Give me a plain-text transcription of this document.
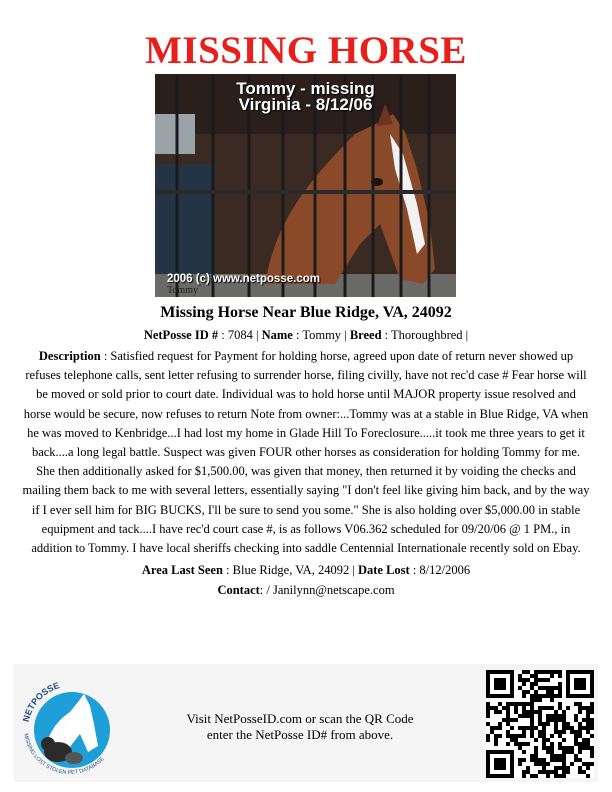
MISSING HORSE
Tommy - missing
Virginia - 8/12/06
2006 (c) www.netposse.com
Tommy
Missing Horse Near Blue Ridge, VA, 24092
NetPosse ID # : 7084 | Name : Tommy | Breed : Thoroughbred |
Description : Satisfied request for Payment for holding horse, agreed upon date of return never showed up refuses telephone calls, sent letter refusing to surrender horse, filing civilly, have not rec'd case # Fear horse will be moved or sold prior to court date. Individual was to hold horse until MAJOR property issue resolved and horse would be secure, now refuses to return Note from owner:...Tommy was at a stable in Blue Ridge, VA when he was moved to Kenbridge...I had lost my home in Glade Hill To Foreclosure.....it took me three years to get it back....a long legal battle. Suspect was given FOUR other horses as consideration for holding Tommy for me. She then additionally asked for $1,500.00, was given that money, then returned it by voiding the checks and mailing them back to me with several letters, essentially saying "I don't feel like giving him back, and by the way if I ever sell him for BIG BUCKS, I'll be sure to send you some." She is also holding over $5,000.00 in stable equipment and tack....I have rec'd court case #, is as follows V06.362 scheduled for 09/20/06 @ 1 PM., in addition to Tommy. I have local sheriffs checking into saddle Centennial Internationale recently sold on Ebay.
Area Last Seen : Blue Ridge, VA, 24092 | Date Lost : 8/12/2006
Contact: / Janilynn@netscape.com
NETPOSSE
MISSING LOST STOLEN PET DATABASE
Visit NetPosseID.com or scan the QR Code
enter the NetPosse ID# from above.
